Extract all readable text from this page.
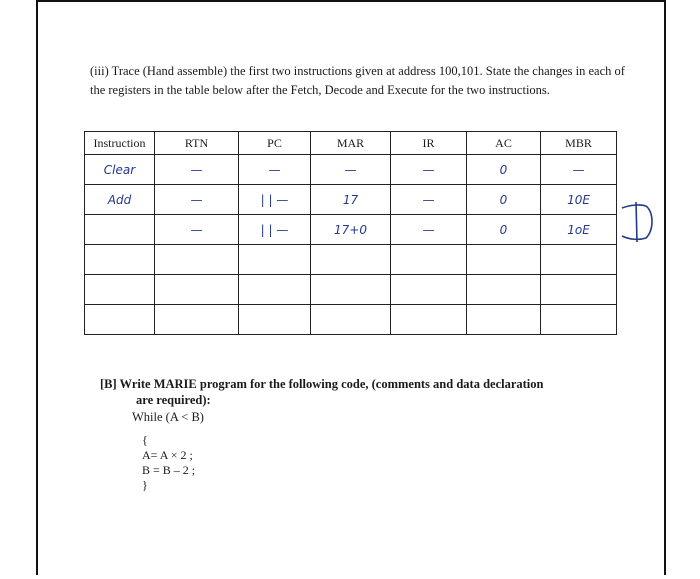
(iii) Trace (Hand assemble) the first two instructions given at address 100,101. State the changes in each of the registers in the table below after the Fetch, Decode and Execute for the two instructions.
Instruction	RTN	PC	MAR	IR	AC	MBR
Clear	—	—	—	—	0	—
Add	—	| | —	17	—	0	10E
	—	| | —	17+0	—	0	1oE

[B] Write MARIE program for the following code, (comments and data declaration
are required):
While (A < B)
{
A= A × 2 ;
B = B – 2 ;
}
